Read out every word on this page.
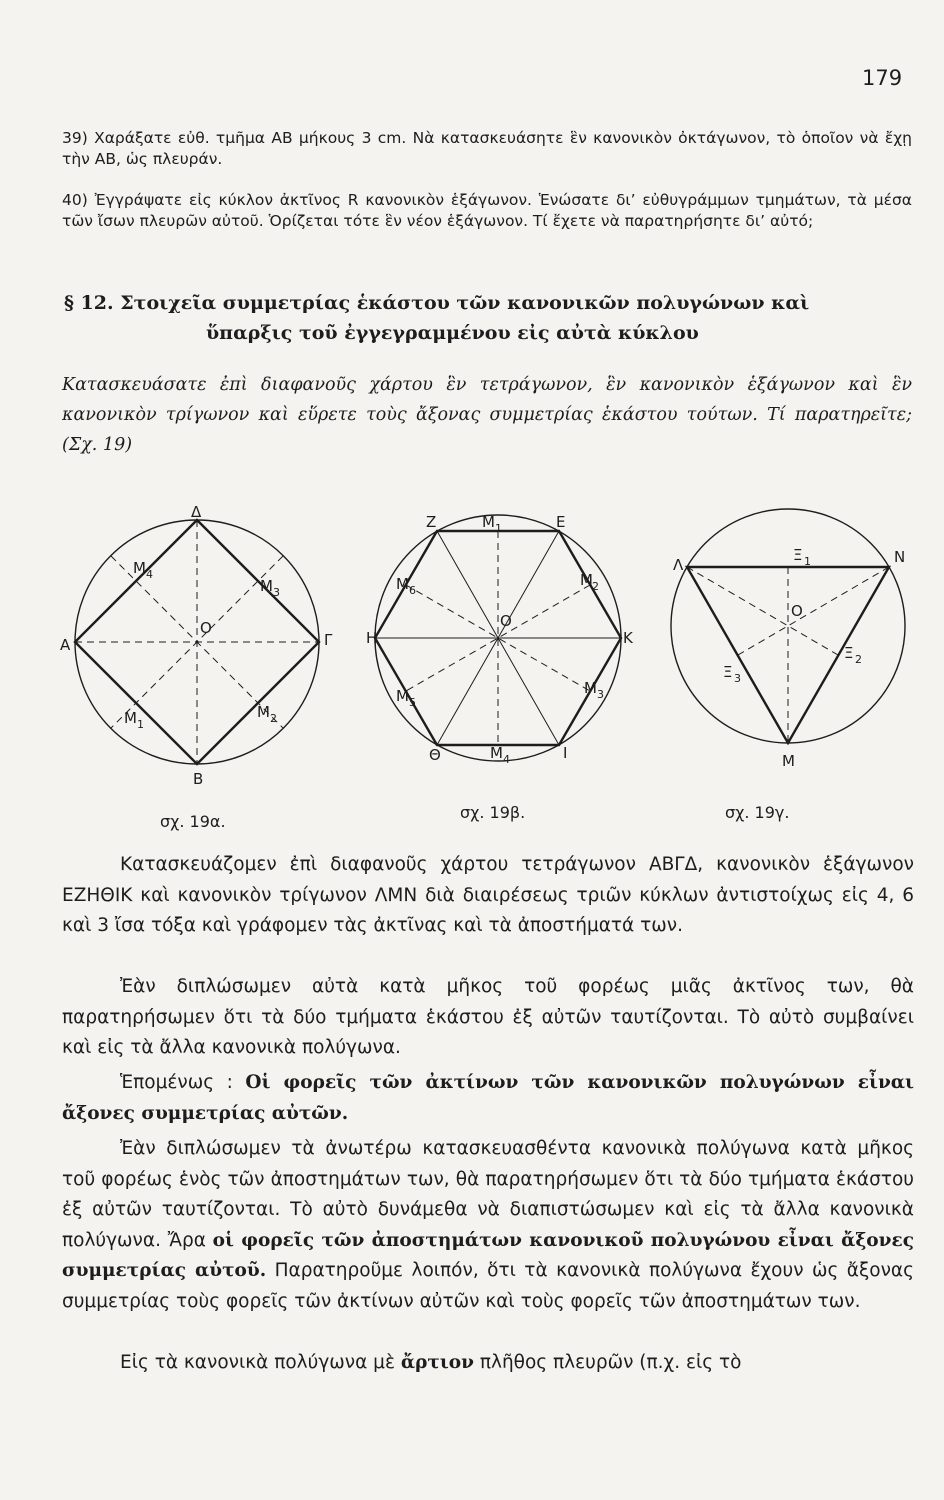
179

39) Χαράξατε εὐθ. τμῆμα ΑΒ μήκους 3 cm. Νὰ κατασκευάσητε ἓν κανονικὸν ὀκτάγωνον, τὸ ὁποῖον νὰ ἔχῃ τὴν ΑΒ, ὡς πλευράν.

40) Ἐγγράψατε εἰς κύκλον ἀκτῖνος R κανονικὸν ἑξάγωνον. Ἑνώσατε δι’ εὐθυγράμμων τμημάτων, τὰ μέσα τῶν ἴσων πλευρῶν αὐτοῦ. Ὁρίζεται τότε ἓν νέον ἑξάγωνον. Τί ἔχετε νὰ παρατηρήσητε δι’ αὐτό;

§ 12. Στοιχεῖα συμμετρίας ἑκάστου τῶν κανονικῶν πολυγώνων καὶ
ὕπαρξις τοῦ ἐγγεγραμμένου εἰς αὐτὰ κύκλου

Κατασκευάσατε ἐπὶ διαφανοῦς χάρτου ἓν τετράγωνον, ἓν κανονικὸν ἑξάγωνον καὶ ἓν κανονικὸν τρίγωνον καὶ εὕρετε τοὺς ἄξονας συμμετρίας ἑκάστου τούτων. Τί παρατηρεῖτε; (Σχ. 19)

Δ
Α	Γ
Β
Ο
Μ 4
Μ 3
Μ 1
Μ 2
σχ. 19α.
Ζ	Ε
Η	Κ
Θ	Ι
Ο
Μ 1
Μ 2
Μ 3
Μ 4
Μ 5
Μ 6
σχ. 19β.
Λ	Ν
Μ
Ο
Ξ 1
Ξ 2
Ξ 3
σχ. 19γ.

Κατασκευάζομεν ἐπὶ διαφανοῦς χάρτου τετράγωνον ΑΒΓΔ, κανονικὸν ἑξάγωνον ΕΖΗΘΙΚ καὶ κανονικὸν τρίγωνον ΛΜΝ διὰ διαιρέσεως τριῶν κύκλων ἀντιστοίχως εἰς 4, 6 καὶ 3 ἴσα τόξα καὶ γράφομεν τὰς ἀκτῖνας καὶ τὰ ἀποστήματά των.

Ἐὰν διπλώσωμεν αὐτὰ κατὰ μῆκος τοῦ φορέως μιᾶς ἀκτῖνος των, θὰ παρατηρήσωμεν ὅτι τὰ δύο τμήματα ἑκάστου ἐξ αὐτῶν ταυτίζονται. Τὸ αὐτὸ συμβαίνει καὶ εἰς τὰ ἄλλα κανονικὰ πολύγωνα.

Ἑπομένως : Οἱ φορεῖς τῶν ἀκτίνων τῶν κανονικῶν πολυγώνων εἶναι ἄξονες συμμετρίας αὐτῶν.

Ἐὰν διπλώσωμεν τὰ ἀνωτέρω κατασκευασθέντα κανονικὰ πολύγωνα κατὰ μῆκος τοῦ φορέως ἑνὸς τῶν ἀποστημάτων των, θὰ παρατηρήσωμεν ὅτι τὰ δύο τμήματα ἑκάστου ἐξ αὐτῶν ταυτίζονται. Τὸ αὐτὸ δυνάμεθα νὰ διαπιστώσωμεν καὶ εἰς τὰ ἄλλα κανονικὰ πολύγωνα. Ἄρα οἱ φορεῖς τῶν ἀποστημάτων κανονικοῦ πολυγώνου εἶναι ἄξονες συμμετρίας αὐτοῦ. Παρατηροῦμε λοιπόν, ὅτι τὰ κανονικὰ πολύγωνα ἔχουν ὡς ἄξονας συμμετρίας τοὺς φορεῖς τῶν ἀκτίνων αὐτῶν καὶ τοὺς φορεῖς τῶν ἀποστημάτων των.

Εἰς τὰ κανονικὰ πολύγωνα μὲ ἄρτιον πλῆθος πλευρῶν (π.χ. εἰς τὸ
